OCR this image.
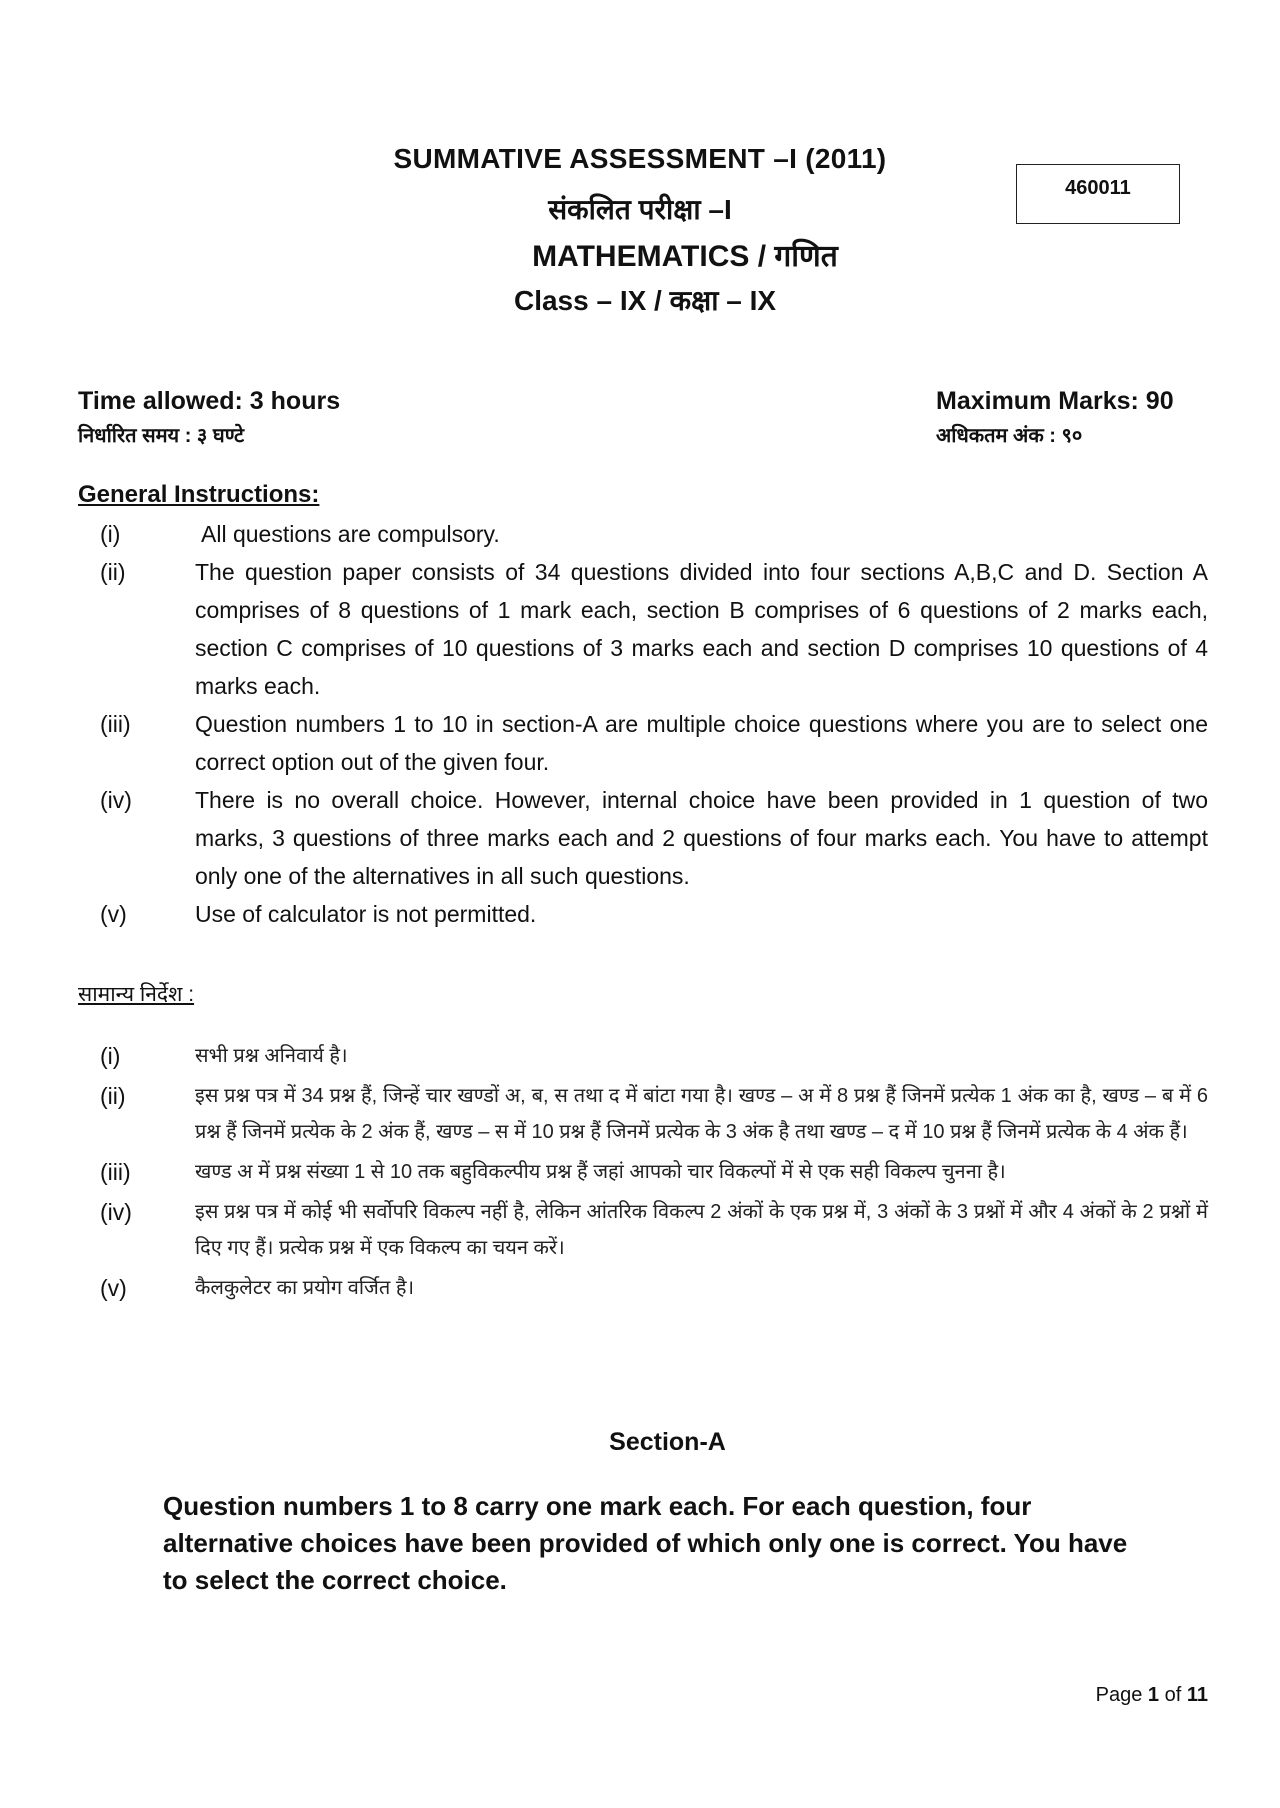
SUMMATIVE ASSESSMENT –I (2011)
संकलित परीक्षा –I
MATHEMATICS / गणित
Class – IX / कक्षा – IX
460011
Time allowed: 3 hours
निर्धारित समय : ३ घण्टे
Maximum Marks: 90
अधिकतम अंक : ९०
General Instructions:
(i)	All questions are compulsory.
(ii)	The question paper consists of 34 questions divided into four sections A,B,C and D. Section A comprises of 8 questions of 1 mark each, section B comprises of 6 questions of 2 marks each, section C comprises of 10 questions of 3 marks each and section D comprises 10 questions of 4 marks each.
(iii)	Question numbers 1 to 10 in section-A are multiple choice questions where you are to select one correct option out of the given four.
(iv)	There is no overall choice. However, internal choice have been provided in 1 question of two marks, 3 questions of three marks each and 2 questions of four marks each. You have to attempt only one of the alternatives in all such questions.
(v)	Use of calculator is not permitted.
सामान्य निर्देश :
(i)	सभी प्रश्न अनिवार्य है।
(ii)	इस प्रश्न पत्र में 34 प्रश्न हैं, जिन्हें चार खण्डों अ, ब, स तथा द में बांटा गया है। खण्ड – अ में 8 प्रश्न हैं जिनमें प्रत्येक 1 अंक का है, खण्ड – ब में 6 प्रश्न हैं जिनमें प्रत्येक के 2 अंक हैं, खण्ड – स में 10 प्रश्न हैं जिनमें प्रत्येक के 3 अंक है तथा खण्ड – द में 10 प्रश्न हैं जिनमें प्रत्येक के 4 अंक हैं।
(iii)	खण्ड अ में प्रश्न संख्या 1 से 10 तक बहुविकल्पीय प्रश्न हैं जहां आपको चार विकल्पों में से एक सही विकल्प चुनना है।
(iv)	इस प्रश्न पत्र में कोई भी सर्वोपरि विकल्प नहीं है, लेकिन आंतरिक विकल्प 2 अंकों के एक प्रश्न में, 3 अंकों के 3 प्रश्नों में और 4 अंकों के 2 प्रश्नों में दिए गए हैं। प्रत्येक प्रश्न में एक विकल्प का चयन करें।
(v)	कैलकुलेटर का प्रयोग वर्जित है।
Section-A
Question numbers 1 to 8 carry one mark each. For each question, four alternative choices have been provided of which only one is correct. You have to select the correct choice.
Page 1 of 11
